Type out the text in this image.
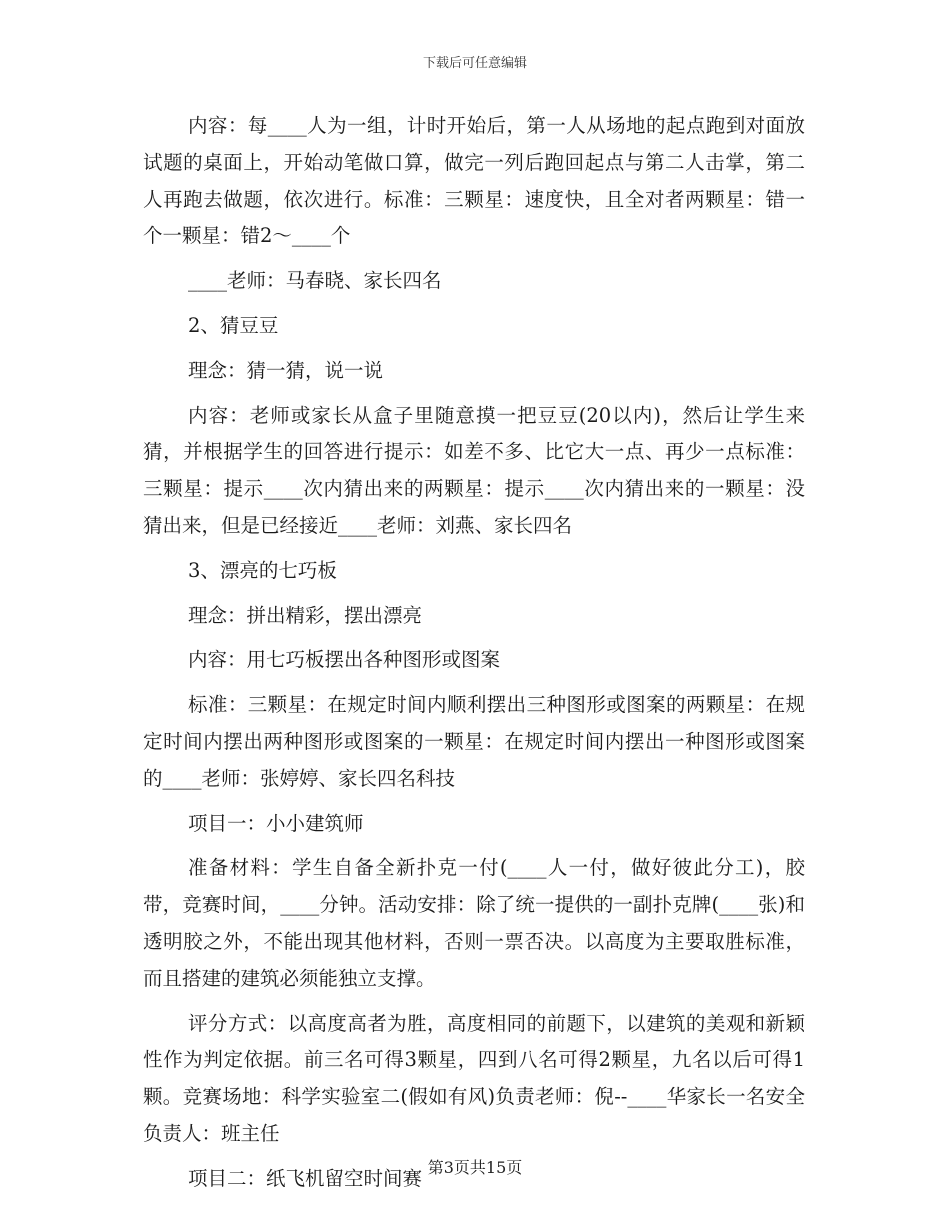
下载后可任意编辑

内容：每____人为一组，计时开始后，第一人从场地的起点跑到对面放试题的桌面上，开始动笔做口算，做完一列后跑回起点与第二人击掌，第二人再跑去做题，依次进行。标准：三颗星：速度快，且全对者两颗星：错一个一颗星：错2～____个

____老师：马春晓、家长四名

2、猜豆豆

理念：猜一猜，说一说

内容：老师或家长从盒子里随意摸一把豆豆(20以内)，然后让学生来猜，并根据学生的回答进行提示：如差不多、比它大一点、再少一点标准：三颗星：提示____次内猜出来的两颗星：提示____次内猜出来的一颗星：没猜出来，但是已经接近____老师：刘燕、家长四名

3、漂亮的七巧板

理念：拼出精彩，摆出漂亮

内容：用七巧板摆出各种图形或图案

标准：三颗星：在规定时间内顺利摆出三种图形或图案的两颗星：在规定时间内摆出两种图形或图案的一颗星：在规定时间内摆出一种图形或图案的____老师：张婷婷、家长四名科技

项目一：小小建筑师

准备材料：学生自备全新扑克一付(____人一付，做好彼此分工)，胶带，竞赛时间，____分钟。活动安排：除了统一提供的一副扑克牌(____张)和透明胶之外，不能出现其他材料，否则一票否决。以高度为主要取胜标准，而且搭建的建筑必须能独立支撑。

评分方式：以高度高者为胜，高度相同的前题下，以建筑的美观和新颖性作为判定依据。前三名可得3颗星，四到八名可得2颗星，九名以后可得1颗。竞赛场地：科学实验室二(假如有风)负责老师：倪--____华家长一名安全负责人：班主任

项目二：纸飞机留空时间赛 第3页共15页
